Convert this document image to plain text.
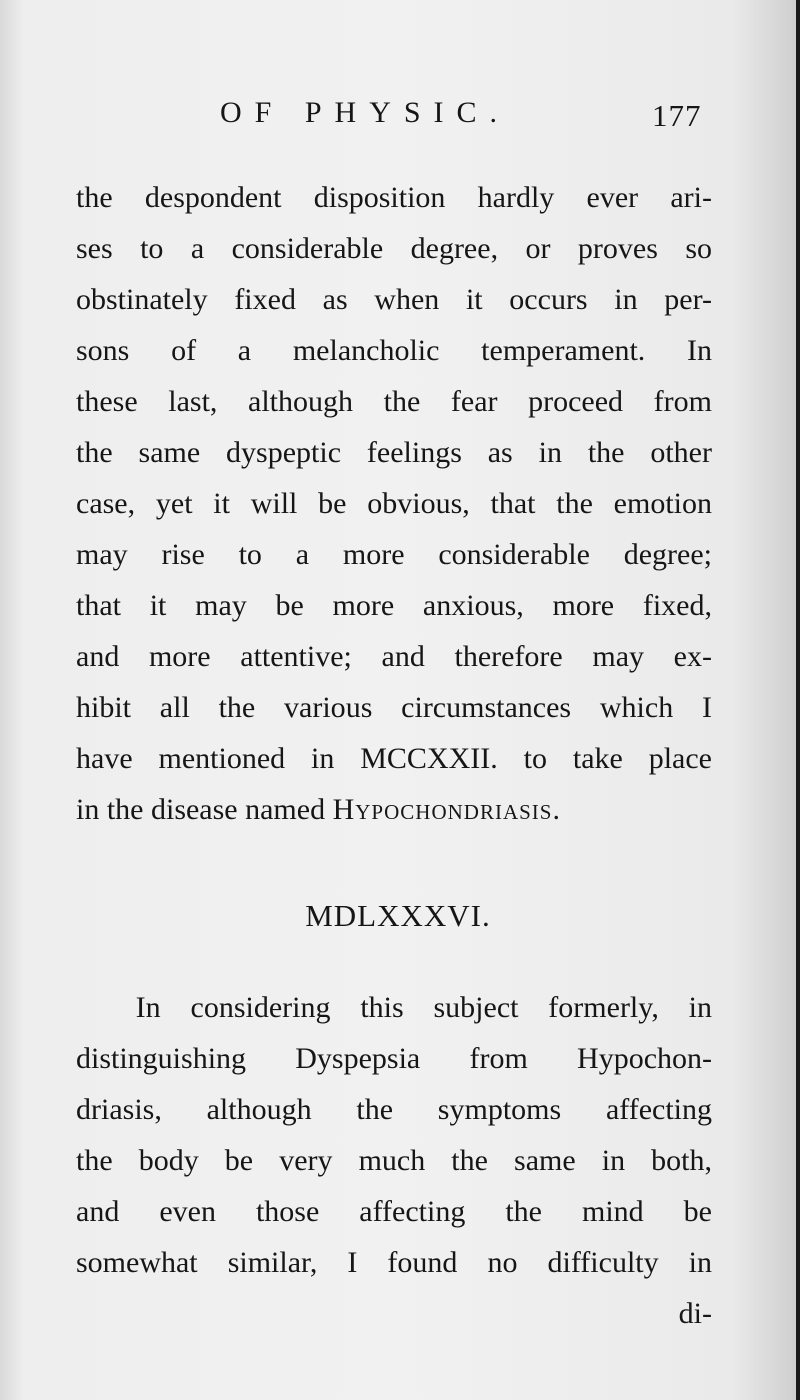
OF PHYSIC.	177
the despondent disposition hardly ever ari-
ses to a considerable degree, or proves so
obstinately fixed as when it occurs in per-
sons of a melancholic temperament. In
these last, although the fear proceed from
the same dyspeptic feelings as in the other
case, yet it will be obvious, that the emotion
may rise to a more considerable degree;
that it may be more anxious, more fixed,
and more attentive; and therefore may ex-
hibit all the various circumstances which I
have mentioned in MCCXXII. to take place
in the disease named Hypochondriasis.
MDLXXXVI.
In considering this subject formerly, in
distinguishing Dyspepsia from Hypochon-
driasis, although the symptoms affecting
the body be very much the same in both,
and even those affecting the mind be
somewhat similar, I found no difficulty in
di-
